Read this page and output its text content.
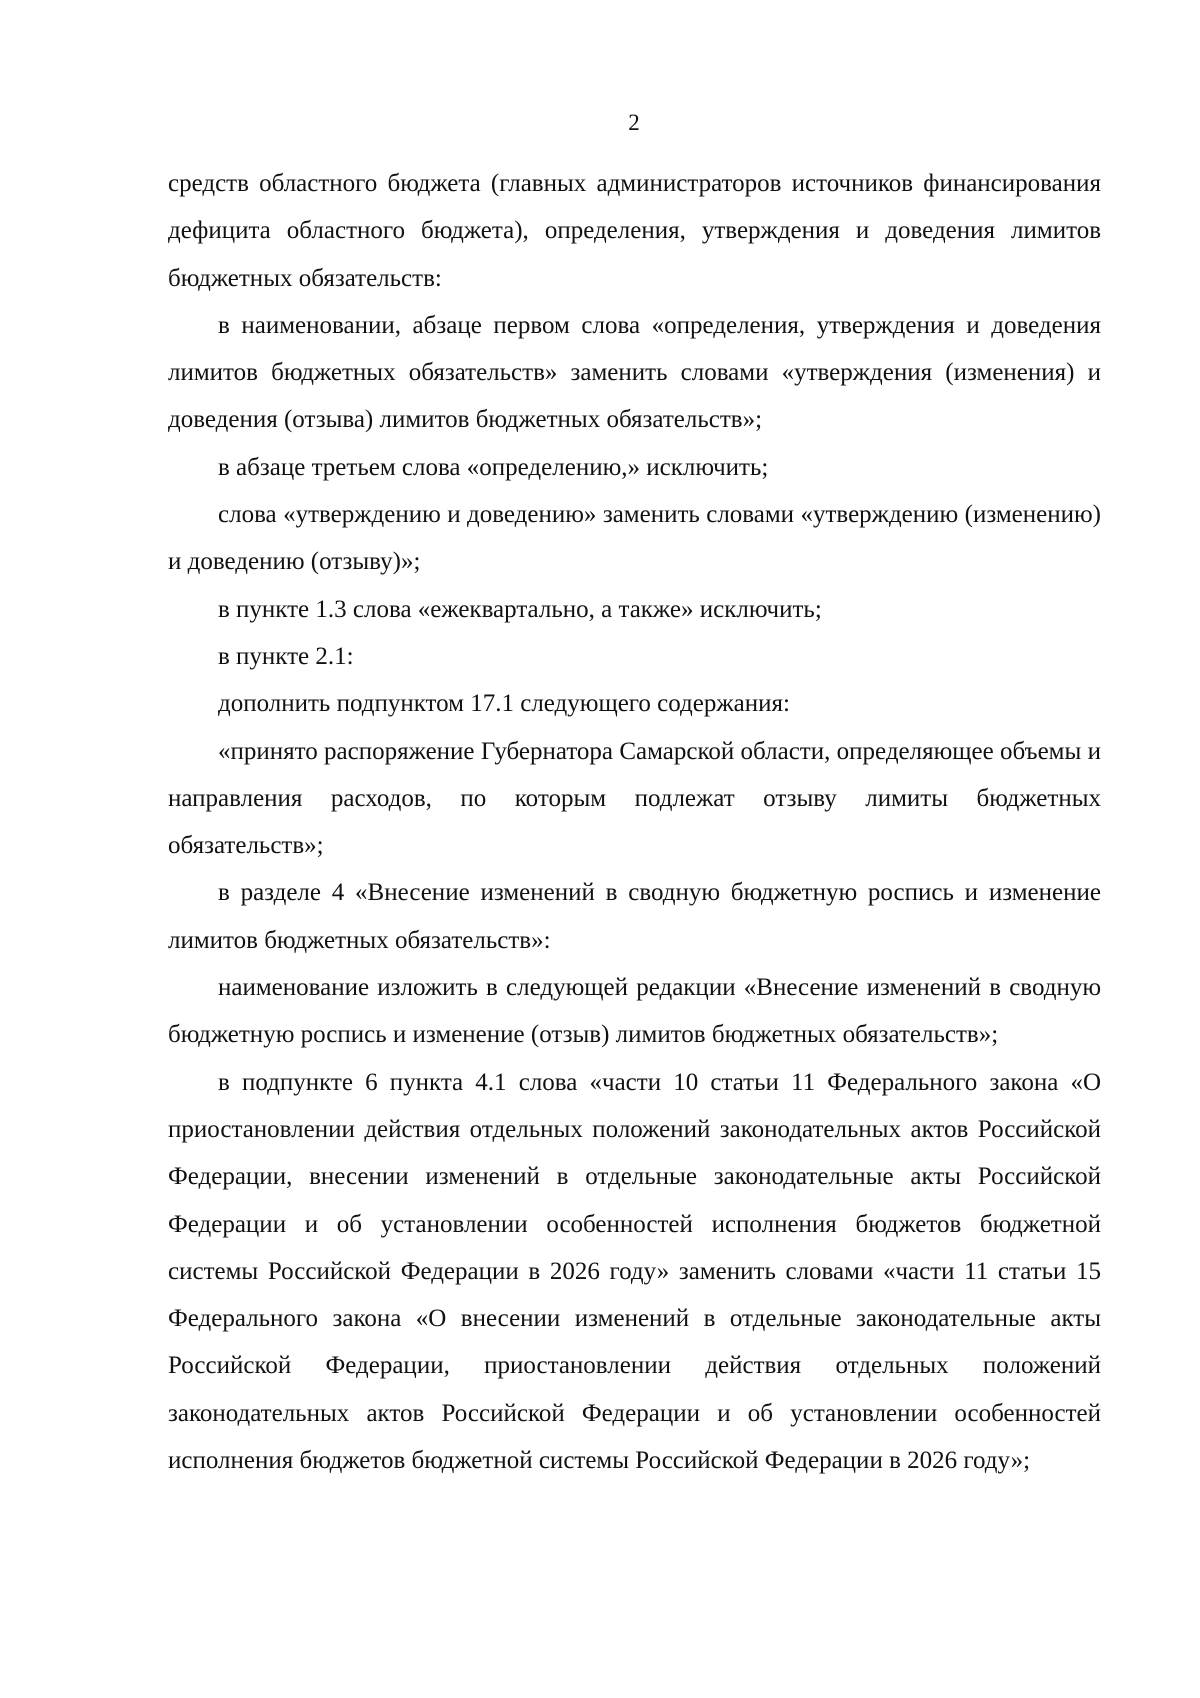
2

средств областного бюджета (главных администраторов источников финансирования дефицита областного бюджета), определения, утверждения и доведения лимитов бюджетных обязательств:

в наименовании, абзаце первом слова «определения, утверждения и доведения лимитов бюджетных обязательств» заменить словами «утверждения (изменения) и доведения (отзыва) лимитов бюджетных обязательств»;

в абзаце третьем слова «определению,» исключить;

слова «утверждению и доведению» заменить словами «утверждению (изменению) и доведению (отзыву)»;

в пункте 1.3 слова «ежеквартально, а также» исключить;

в пункте 2.1:

дополнить подпунктом 17.1 следующего содержания:

«принято распоряжение Губернатора Самарской области, определяющее объемы и направления расходов, по которым подлежат отзыву лимиты бюджетных обязательств»;

в разделе 4 «Внесение изменений в сводную бюджетную роспись и изменение лимитов бюджетных обязательств»:

наименование изложить в следующей редакции «Внесение изменений в сводную бюджетную роспись и изменение (отзыв) лимитов бюджетных обязательств»;

в подпункте 6 пункта 4.1 слова «части 10 статьи 11 Федерального закона «О приостановлении действия отдельных положений законодательных актов Российской Федерации, внесении изменений в отдельные законодательные акты Российской Федерации и об установлении особенностей исполнения бюджетов бюджетной системы Российской Федерации в 2026 году» заменить словами «части 11 статьи 15 Федерального закона «О внесении изменений в отдельные законодательные акты Российской Федерации, приостановлении действия отдельных положений законодательных актов Российской Федерации и об установлении особенностей исполнения бюджетов бюджетной системы Российской Федерации в 2026 году»;
